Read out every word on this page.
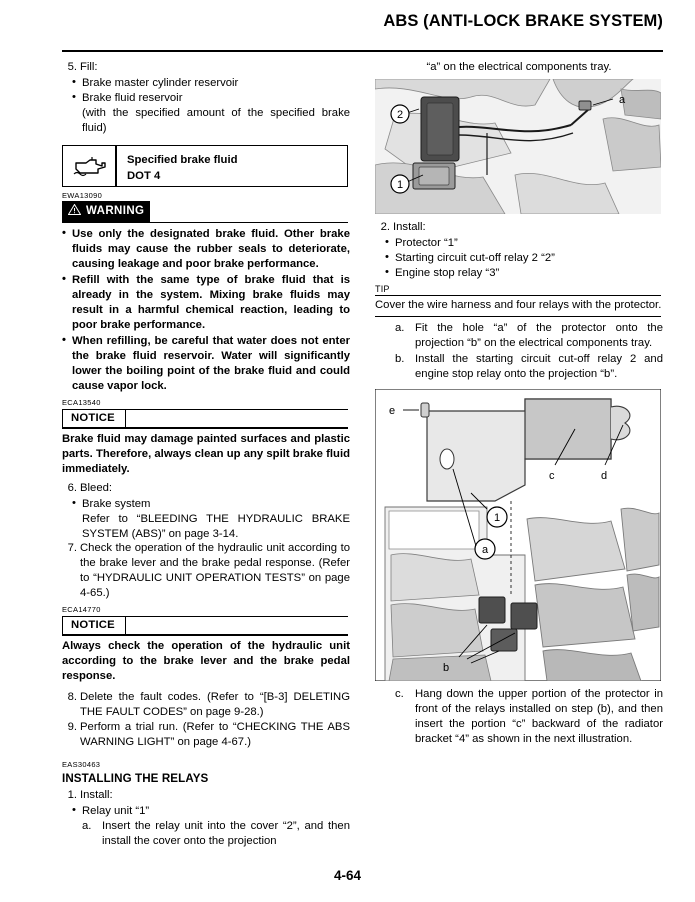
ABS (ANTI-LOCK BRAKE SYSTEM)
5. Fill:
• Brake master cylinder reservoir
• Brake fluid reservoir
(with the specified amount of the specified brake fluid)
Specified brake fluid
DOT 4
EWA13090
WARNING
• Use only the designated brake fluid. Other brake fluids may cause the rubber seals to deteriorate, causing leakage and poor brake performance.
• Refill with the same type of brake fluid that is already in the system. Mixing brake fluids may result in a harmful chemical reaction, leading to poor brake performance.
• When refilling, be careful that water does not enter the brake fluid reservoir. Water will significantly lower the boiling point of the brake fluid and could cause vapor lock.
ECA13540
NOTICE
Brake fluid may damage painted surfaces and plastic parts. Therefore, always clean up any spilt brake fluid immediately.
6. Bleed:
• Brake system
Refer to “BLEEDING THE HYDRAULIC BRAKE SYSTEM (ABS)” on page 3-14.
7. Check the operation of the hydraulic unit according to the brake lever and the brake pedal response. (Refer to “HYDRAULIC UNIT OPERATION TESTS” on page 4-65.)
ECA14770
NOTICE
Always check the operation of the hydraulic unit according to the brake lever and the brake pedal response.
8. Delete the fault codes. (Refer to “[B-3] DELETING THE FAULT CODES” on page 9-28.)
9. Perform a trial run. (Refer to “CHECKING THE ABS WARNING LIGHT” on page 4-67.)
EAS30463
INSTALLING THE RELAYS
1. Install:
• Relay unit “1”
a. Insert the relay unit into the cover “2”, and then install the cover onto the projection
“a” on the electrical components tray.
a
2
1
2. Install:
• Protector “1”
• Starting circuit cut-off relay 2 “2”
• Engine stop relay “3”
TIP
Cover the wire harness and four relays with the protector.
a. Fit the hole “a” of the protector onto the projection “b” on the electrical components tray.
b. Install the starting circuit cut-off relay 2 and engine stop relay onto the projection “b”.
e
c	d
b
1
a
c. Hang down the upper portion of the protector in front of the relays installed on step (b), and then insert the portion “c” backward of the radiator bracket “4” as shown in the next illustration.
4-64
